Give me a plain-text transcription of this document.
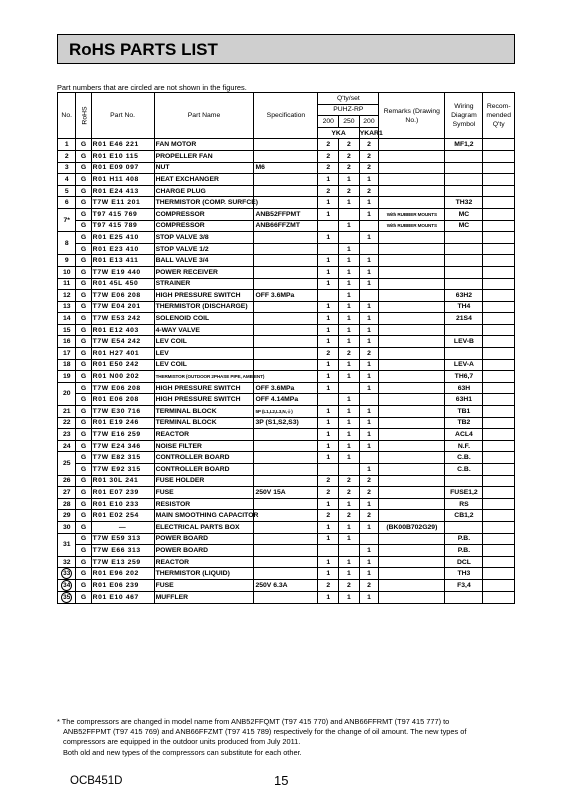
RoHS PARTS LIST
Part numbers that are circled are not shown in the figures.
No.	RoHS	Part No.	Part Name	Specification	Q'ty/set			Remarks (Drawing No.)	Wiring Diagram Symbol	Recom- mended Q'ty
					PUHZ-RP					
					200	250	200			
					YKA		YKAR1			
1	G	R01 E46 221	FAN MOTOR		2	2	2		MF1,2	
2	G	R01 E10 115	PROPELLER FAN		2	2	2			
3	G	R01 E09 097	NUT	M6	2	2	2			
4	G	R01 H11 408	HEAT EXCHANGER		1	1	1			
5	G	R01 E24 413	CHARGE PLUG		2	2	2			
6	G	T7W E11 201	THERMISTOR (COMP. SURFCE)		1	1	1		TH32	
7*	G	T97 415 769	COMPRESSOR	ANB52FFPMT	1		1	With RUBBER MOUNTS	MC	
	G	T97 415 789	COMPRESSOR	ANB66FFZMT		1		With RUBBER MOUNTS	MC	
8	G	R01 E25 410	STOP VALVE 3/8		1		1			
	G	R01 E23 410	STOP VALVE 1/2			1				
9	G	R01 E13 411	BALL VALVE 3/4		1	1	1			
10	G	T7W E19 440	POWER RECEIVER		1	1	1			
11	G	R01 45L 450	STRAINER		1	1	1			
12	G	T7W E06 208	HIGH PRESSURE SWITCH	OFF 3.6MPa		1			63H2	
13	G	T7W E04 201	THERMISTOR (DISCHARGE)		1	1	1		TH4	
14	G	T7W E53 242	SOLENOID COIL		1	1	1		21S4	
15	G	R01 E12 403	4-WAY VALVE		1	1	1			
16	G	T7W E54 242	LEV COIL		1	1	1		LEV-B	
17	G	R01 H27 401	LEV		2	2	2			
18	G	R01 E50 242	LEV COIL		1	1	1		LEV-A	
19	G	R01 N00 202	THERMISTOR (OUTDOOR 2PHASE PIPE, AMBIENT)		1	1	1		TH6,7	
20	G	T7W E06 208	HIGH PRESSURE SWITCH	OFF 3.6MPa	1		1		63H	
	G	R01 E06 208	HIGH PRESSURE SWITCH	OFF 4.14MPa		1			63H1	
21	G	T7W E30 716	TERMINAL BLOCK	5P (L1,L2,L3,N,⏚)	1	1	1		TB1	
22	G	R01 E19 246	TERMINAL BLOCK	3P (S1,S2,S3)	1	1	1		TB2	
23	G	T7W E16 259	REACTOR		1	1	1		ACL4	
24	G	T7W E24 346	NOISE FILTER		1	1	1		N.F.	
25	G	T7W E82 315	CONTROLLER BOARD		1	1			C.B.	
	G	T7W E92 315	CONTROLLER BOARD				1		C.B.	
26	G	R01 30L 241	FUSE HOLDER		2	2	2			
27	G	R01 E07 239	FUSE	250V 15A	2	2	2		FUSE1,2	
28	G	R01 E10 233	RESISTOR		1	1	1		RS	
29	G	R01 E02 254	MAIN SMOOTHING CAPACITOR		2	2	2		CB1,2	
30	G	—	ELECTRICAL PARTS BOX		1	1	1	(BK00B702G29)		
31	G	T7W E59 313	POWER BOARD		1	1			P.B.	
	G	T7W E66 313	POWER BOARD				1		P.B.	
32	G	T7W E13 259	REACTOR		1	1	1		DCL	
33	G	R01 E96 202	THERMISTOR (LIQUID)		1	1	1		TH3	
34	G	R01 E06 239	FUSE	250V 6.3A	2	2	2		F3,4	
35	G	R01 E10 467	MUFFLER		1	1	1			

* The compressors are changed in model name from ANB52FFQMT (T97 415 770) and ANB66FFRMT (T97 415 777) to

ANB52FFPMT (T97 415 769) and ANB66FFZMT (T97 415 789) respectively for the change of oil amount. The new types of

compressors are equipped in the outdoor units produced from July 2011.

Both old and new types of the compressors can substitute for each other.

OCB451D	15
